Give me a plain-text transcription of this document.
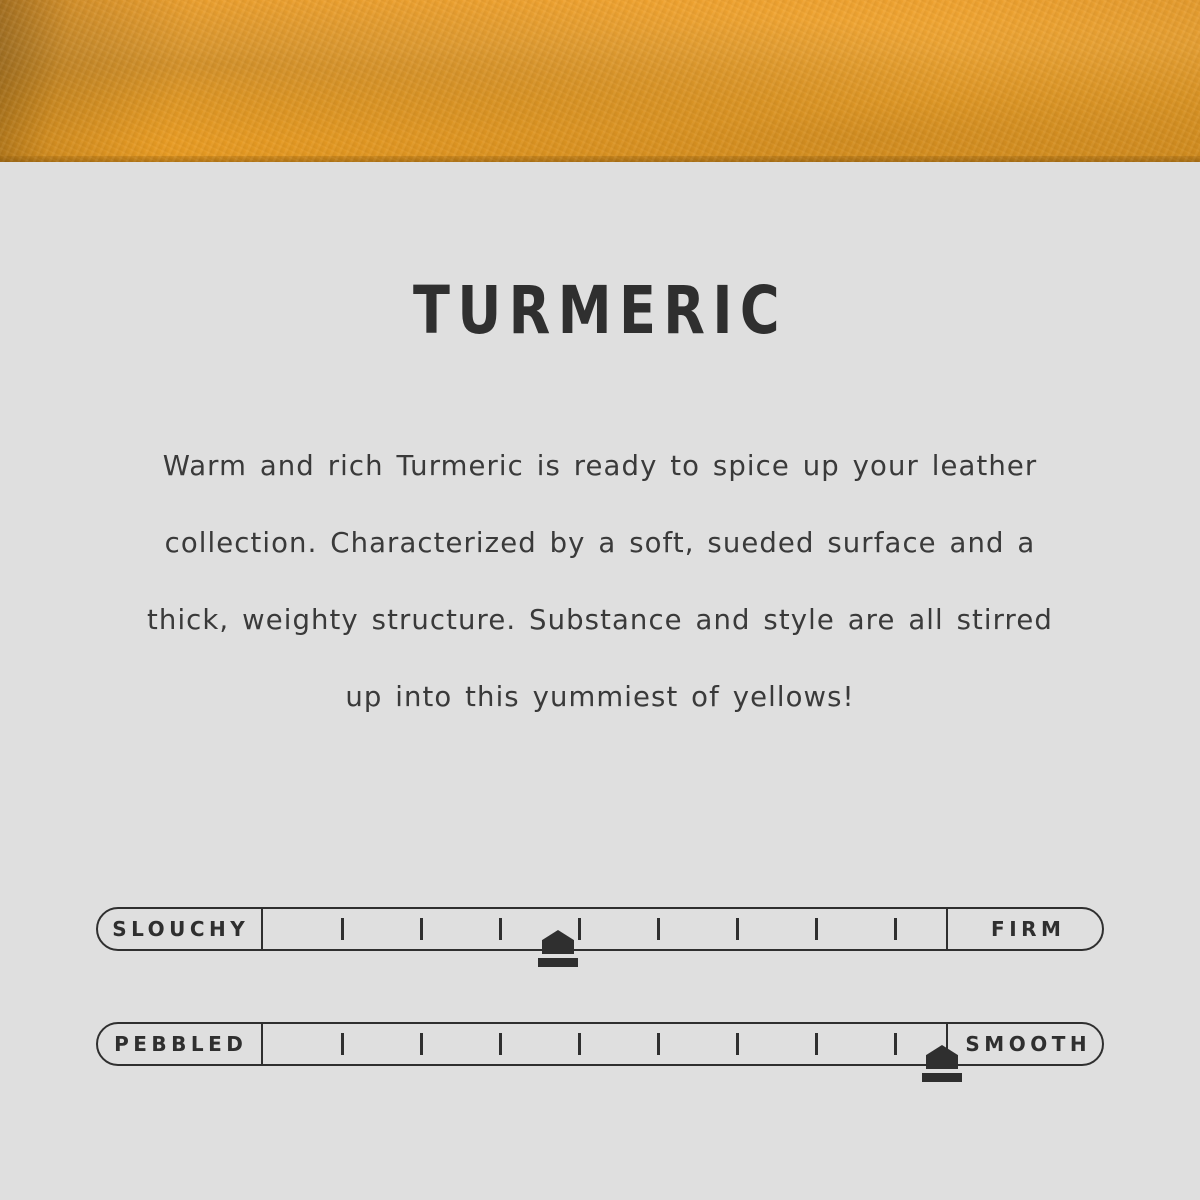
TURMERIC
Warm and rich Turmeric is ready to spice up your leather collection. Characterized by a soft, sueded surface and a thick, weighty structure. Substance and style are all stirred up into this yummiest of yellows!
SLOUCHY	FIRM
PEBBLED	SMOOTH
